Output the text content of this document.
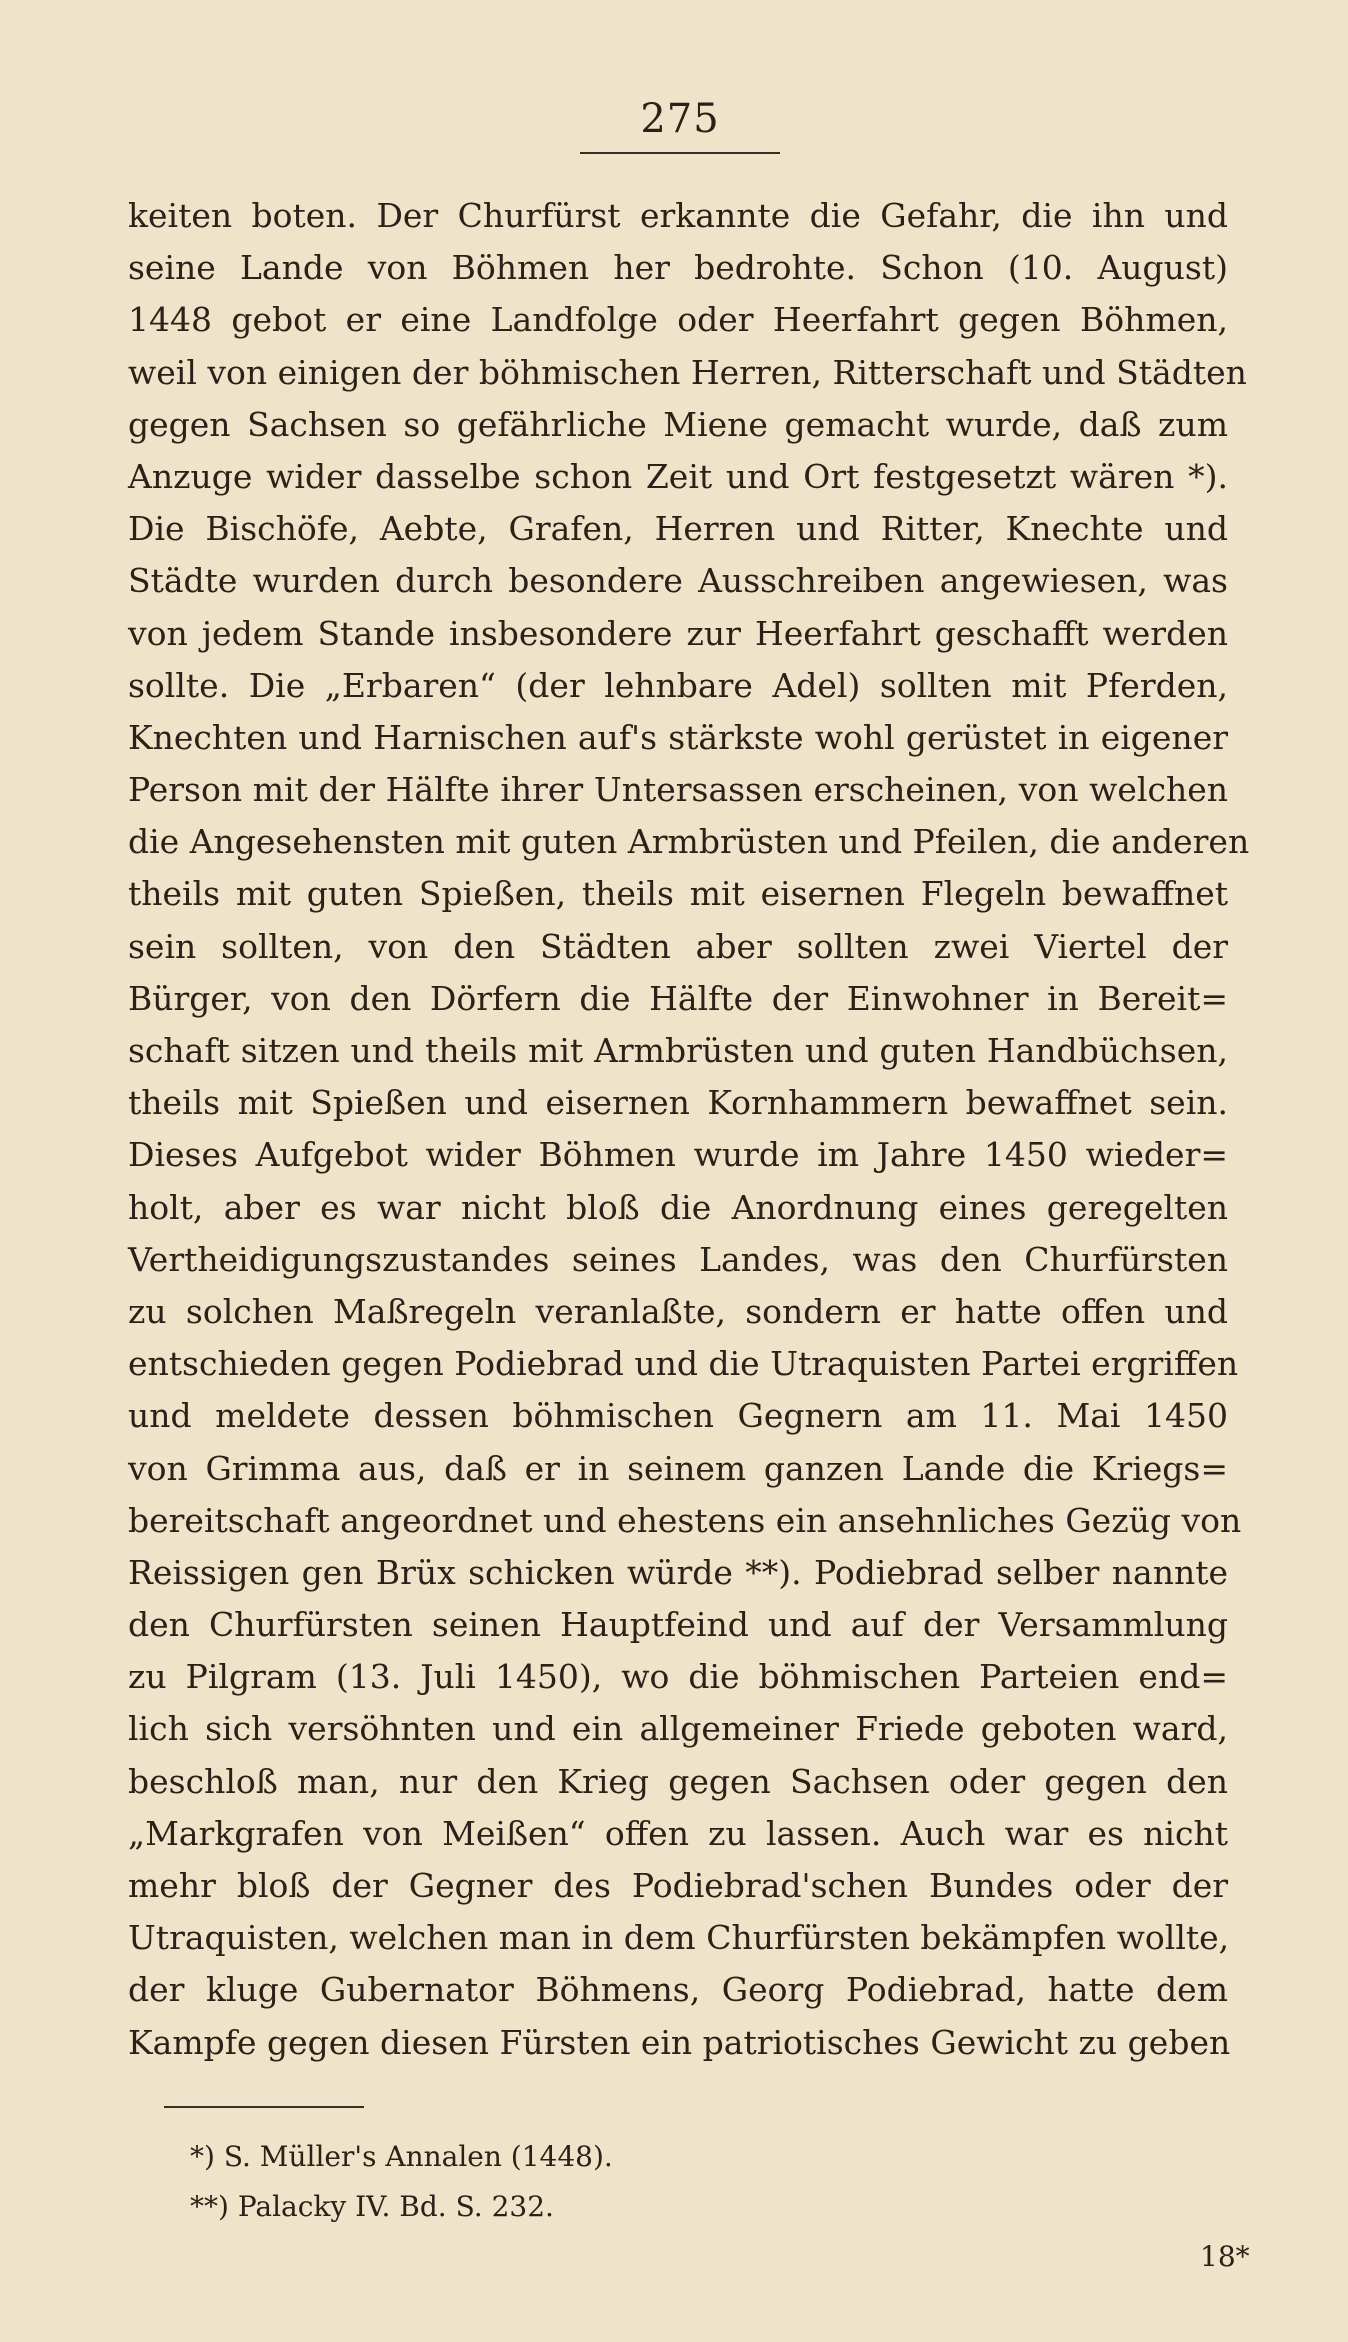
275
keiten boten. Der Churfürst erkannte die Gefahr, die ihn und
seine Lande von Böhmen her bedrohte. Schon (10. August)
1448 gebot er eine Landfolge oder Heerfahrt gegen Böhmen,
weil von einigen der böhmischen Herren, Ritterschaft und Städten
gegen Sachsen so gefährliche Miene gemacht wurde, daß zum
Anzuge wider dasselbe schon Zeit und Ort festgesetzt wären *).
Die Bischöfe, Aebte, Grafen, Herren und Ritter, Knechte und
Städte wurden durch besondere Ausschreiben angewiesen, was
von jedem Stande insbesondere zur Heerfahrt geschafft werden
sollte. Die „Erbaren“ (der lehnbare Adel) sollten mit Pferden,
Knechten und Harnischen auf's stärkste wohl gerüstet in eigener
Person mit der Hälfte ihrer Untersassen erscheinen, von welchen
die Angesehensten mit guten Armbrüsten und Pfeilen, die anderen
theils mit guten Spießen, theils mit eisernen Flegeln bewaffnet
sein sollten, von den Städten aber sollten zwei Viertel der
Bürger, von den Dörfern die Hälfte der Einwohner in Bereit=
schaft sitzen und theils mit Armbrüsten und guten Handbüchsen,
theils mit Spießen und eisernen Kornhammern bewaffnet sein.
Dieses Aufgebot wider Böhmen wurde im Jahre 1450 wieder=
holt, aber es war nicht bloß die Anordnung eines geregelten
Vertheidigungszustandes seines Landes, was den Churfürsten
zu solchen Maßregeln veranlaßte, sondern er hatte offen und
entschieden gegen Podiebrad und die Utraquisten Partei ergriffen
und meldete dessen böhmischen Gegnern am 11. Mai 1450
von Grimma aus, daß er in seinem ganzen Lande die Kriegs=
bereitschaft angeordnet und ehestens ein ansehnliches Gezüg von
Reissigen gen Brüx schicken würde **). Podiebrad selber nannte
den Churfürsten seinen Hauptfeind und auf der Versammlung
zu Pilgram (13. Juli 1450), wo die böhmischen Parteien end=
lich sich versöhnten und ein allgemeiner Friede geboten ward,
beschloß man, nur den Krieg gegen Sachsen oder gegen den
„Markgrafen von Meißen“ offen zu lassen. Auch war es nicht
mehr bloß der Gegner des Podiebrad'schen Bundes oder der
Utraquisten, welchen man in dem Churfürsten bekämpfen wollte,
der kluge Gubernator Böhmens, Georg Podiebrad, hatte dem
Kampfe gegen diesen Fürsten ein patriotisches Gewicht zu geben
*) S. Müller's Annalen (1448).
**) Palacky IV. Bd. S. 232.
18*
